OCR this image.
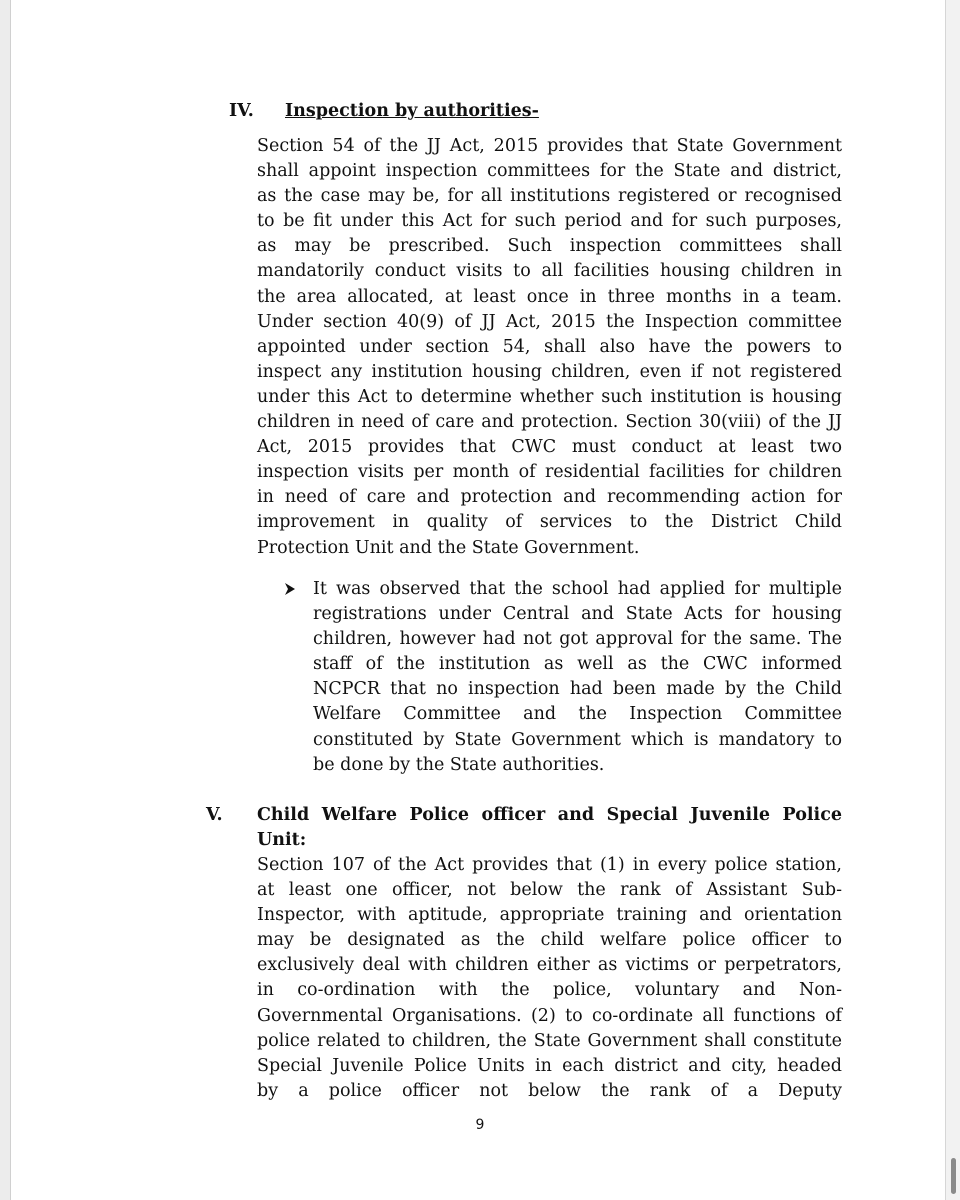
IV. Inspection by authorities-
Section 54 of the JJ Act, 2015 provides that State Government
shall appoint inspection committees for the State and district,
as the case may be, for all institutions registered or recognised
to be fit under this Act for such period and for such purposes,
as may be prescribed. Such inspection committees shall
mandatorily conduct visits to all facilities housing children in
the area allocated, at least once in three months in a team.
Under section 40(9) of JJ Act, 2015 the Inspection committee
appointed under section 54, shall also have the powers to
inspect any institution housing children, even if not registered
under this Act to determine whether such institution is housing
children in need of care and protection. Section 30(viii) of the JJ
Act, 2015 provides that CWC must conduct at least two
inspection visits per month of residential facilities for children
in need of care and protection and recommending action for
improvement in quality of services to the District Child
Protection Unit and the State Government.
It was observed that the school had applied for multiple
registrations under Central and State Acts for housing
children, however had not got approval for the same. The
staff of the institution as well as the CWC informed
NCPCR that no inspection had been made by the Child
Welfare Committee and the Inspection Committee
constituted by State Government which is mandatory to
be done by the State authorities.
V. Child Welfare Police officer and Special Juvenile Police
Unit:
Section 107 of the Act provides that (1) in every police station,
at least one officer, not below the rank of Assistant Sub-
Inspector, with aptitude, appropriate training and orientation
may be designated as the child welfare police officer to
exclusively deal with children either as victims or perpetrators,
in co-ordination with the police, voluntary and Non-
Governmental Organisations. (2) to co-ordinate all functions of
police related to children, the State Government shall constitute
Special Juvenile Police Units in each district and city, headed
by a police officer not below the rank of a Deputy
9
